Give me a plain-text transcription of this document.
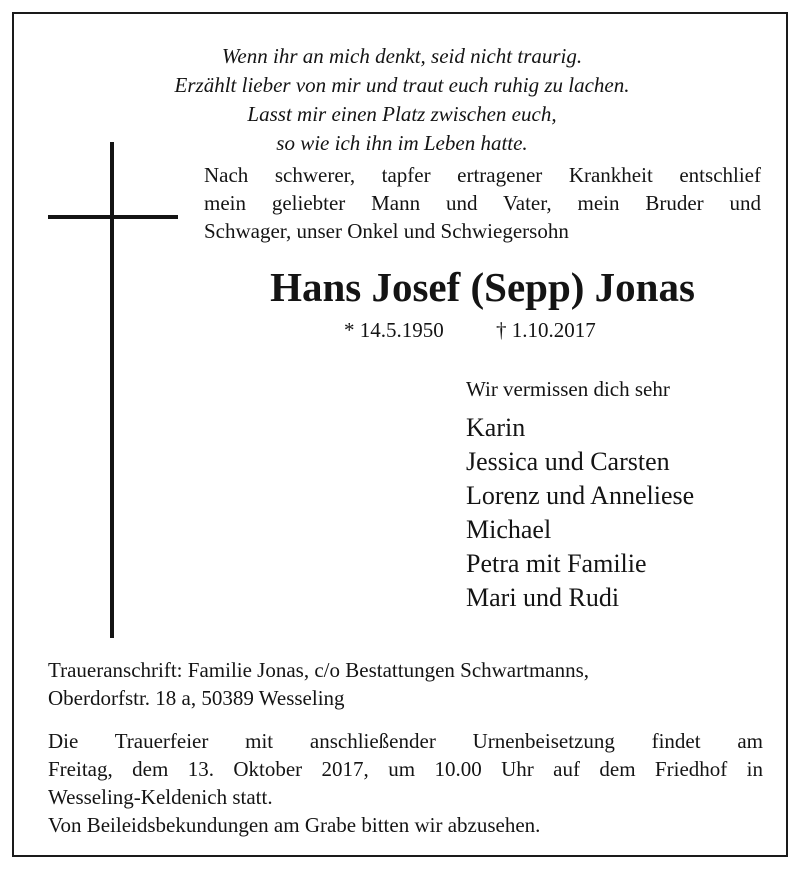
Wenn ihr an mich denkt, seid nicht traurig.
Erzählt lieber von mir und traut euch ruhig zu lachen.
Lasst mir einen Platz zwischen euch,
so wie ich ihn im Leben hatte.
Nach schwerer, tapfer ertragener Krankheit entschlief
mein geliebter Mann und Vater, mein Bruder und
Schwager, unser Onkel und Schwiegersohn
Hans Josef (Sepp) Jonas
* 14.5.1950 † 1.10.2017
Wir vermissen dich sehr
Karin
Jessica und Carsten
Lorenz und Anneliese
Michael
Petra mit Familie
Mari und Rudi
Traueranschrift: Familie Jonas, c/o Bestattungen Schwartmanns,
Oberdorfstr. 18 a, 50389 Wesseling
Die Trauerfeier mit anschließender Urnenbeisetzung findet am
Freitag, dem 13. Oktober 2017, um 10.00 Uhr auf dem Friedhof in
Wesseling-Keldenich statt.
Von Beileidsbekundungen am Grabe bitten wir abzusehen.
